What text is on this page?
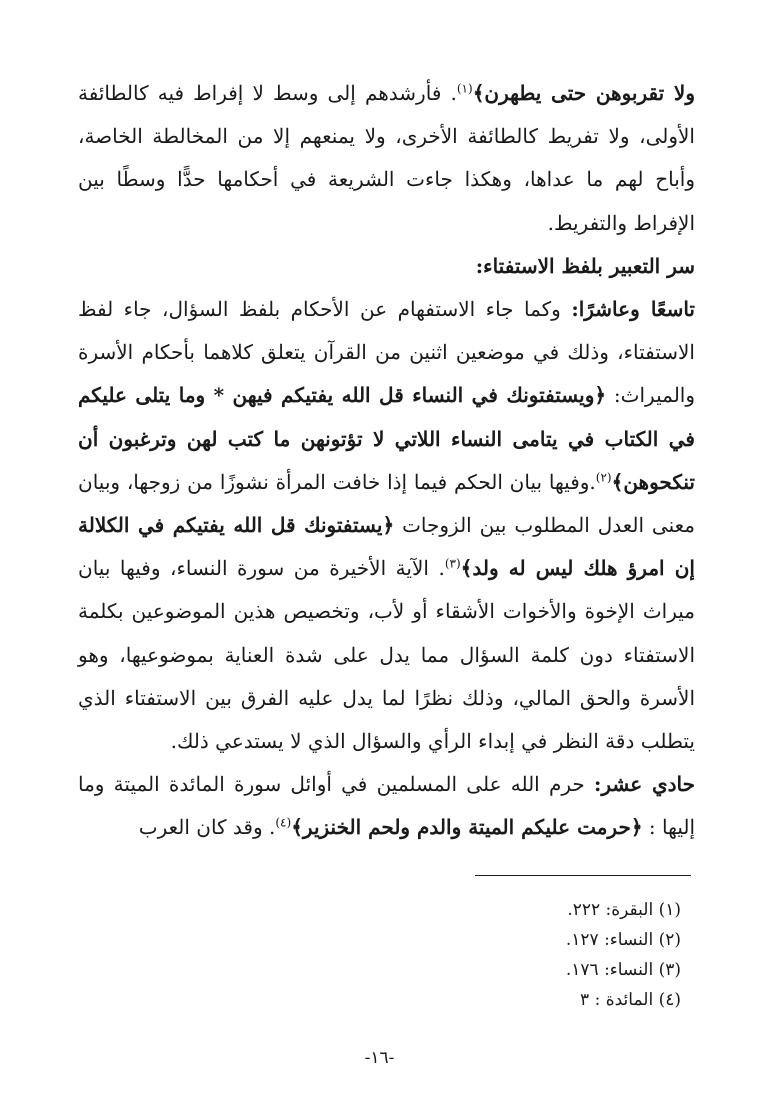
ولا تقربوهن حتى يطهرن﴾$^{(١)}$. فأرشدهم إلى وسط لا إفراط فيه كالطائفة الأولى، ولا تفريط كالطائفة الأخرى، ولا يمنعهم إلا من المخالطة الخاصة، وأباح لهم ما عداها، وهكذا جاءت الشريعة في أحكامها حدًّا وسطًا بين الإفراط والتفريط.

سر التعبير بلفظ الاستفتاء:

تاسعًا وعاشرًا: وكما جاء الاستفهام عن الأحكام بلفظ السؤال، جاء لفظ الاستفتاء، وذلك في موضعين اثنين من القرآن يتعلق كلاهما بأحكام الأسرة والميراث: ﴿ويستفتونك في النساء قل الله يفتيكم فيهن * وما يتلى عليكم في الكتاب في يتامى النساء اللاتي لا تؤتونهن ما كتب لهن وترغبون أن تنكحوهن﴾$^{(٢)}$.وفيها بيان الحكم فيما إذا خافت المرأة نشوزًا من زوجها، وبيان معنى العدل المطلوب بين الزوجات ﴿يستفتونك قل الله يفتيكم في الكلالة إن امرؤ هلك ليس له ولد﴾$^{(٣)}$. الآية الأخيرة من سورة النساء، وفيها بيان ميراث الإخوة والأخوات الأشقاء أو لأب، وتخصيص هذين الموضوعين بكلمة الاستفتاء دون كلمة السؤال مما يدل على شدة العناية بموضوعيها، وهو الأسرة والحق المالي، وذلك نظرًا لما يدل عليه الفرق بين الاستفتاء الذي يتطلب دقة النظر في إبداء الرأي والسؤال الذي لا يستدعي ذلك.

حادي عشر: حرم الله على المسلمين في أوائل سورة المائدة الميتة وما إليها : ﴿حرمت عليكم الميتة والدم ولحم الخنزير﴾$^{(٤)}$. وقد كان العرب

(١) البقرة: ٢٢٢.
(٢) النساء: ١٢٧.
(٣) النساء: ١٧٦.
(٤) المائدة : ٣
-١٦-
